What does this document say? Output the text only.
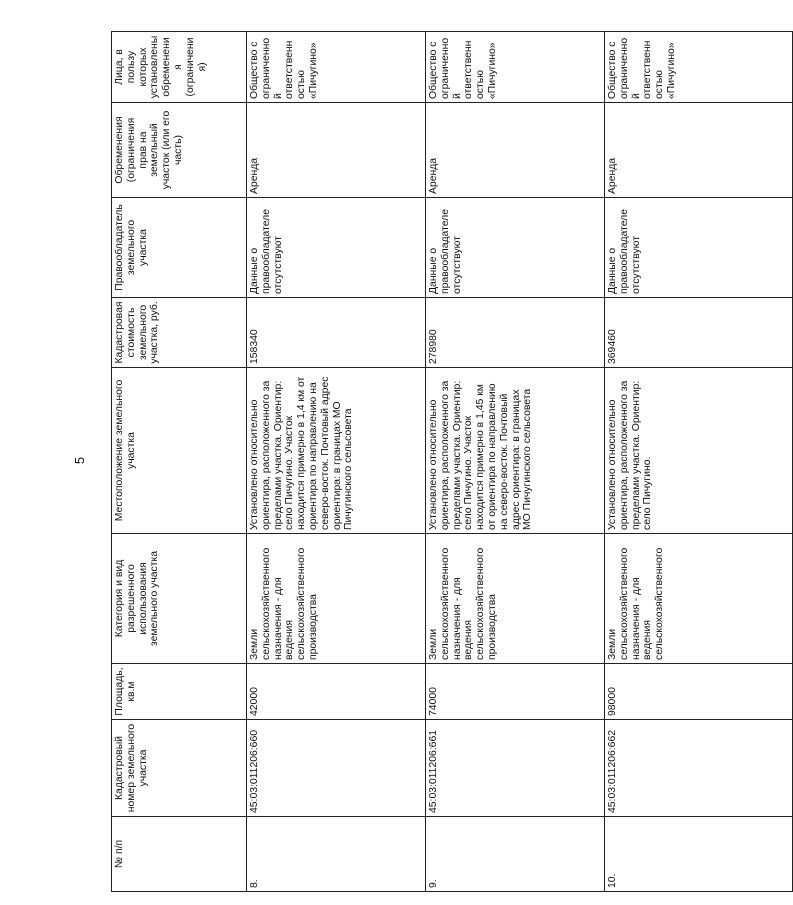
5
№ п/п	Кадастровый номер земельного участка	Площадь, кв.м	Категория и вид разрешенного использования земельного участка	Местоположение земельного участка	Кадастровая стоимость земельного участка, руб.	Правообладатель земельного участка	Обременения (ограничения прав на земельный участок (или его часть)	Лица, в пользу которых установлены обременения (ограничения)
8.	45:03:011206:660	42000	Земли сельскохозяйственного назначения - для ведения сельскохозяйственного производства	Установлено относительно ориентира, расположенного за пределами участка. Ориентир: село Пичугино. Участок находится примерно в 1,4 км от ориентира по направлению на северо-восток. Почтовый адрес ориентира: в границах МО Пичугинского сельсовета	158340	Данные о правообладателе отсутствуют	Аренда	Общество с ограниченной ответственностью «Пичугино»
9.	45:03:011206:661	74000	Земли сельскохозяйственного назначения - для ведения сельскохозяйственного производства	Установлено относительно ориентира, расположенного за пределами участка. Ориентир: село Пичугино. Участок находится примерно в 1,45 км от ориентира по направлению на северо-восток. Почтовый адрес ориентира: в границах МО Пичугинского сельсовета	278980	Данные о правообладателе отсутствуют	Аренда	Общество с ограниченной ответственностью «Пичугино»
10.	45:03:011206:662	98000	Земли сельскохозяйственного назначения - для ведения сельскохозяйственного	Установлено относительно ориентира, расположенного за пределами участка. Ориентир: село Пичугино.	369460	Данные о правообладателе отсутствуют	Аренда	Общество с ограниченной ответственностью «Пичугино»
